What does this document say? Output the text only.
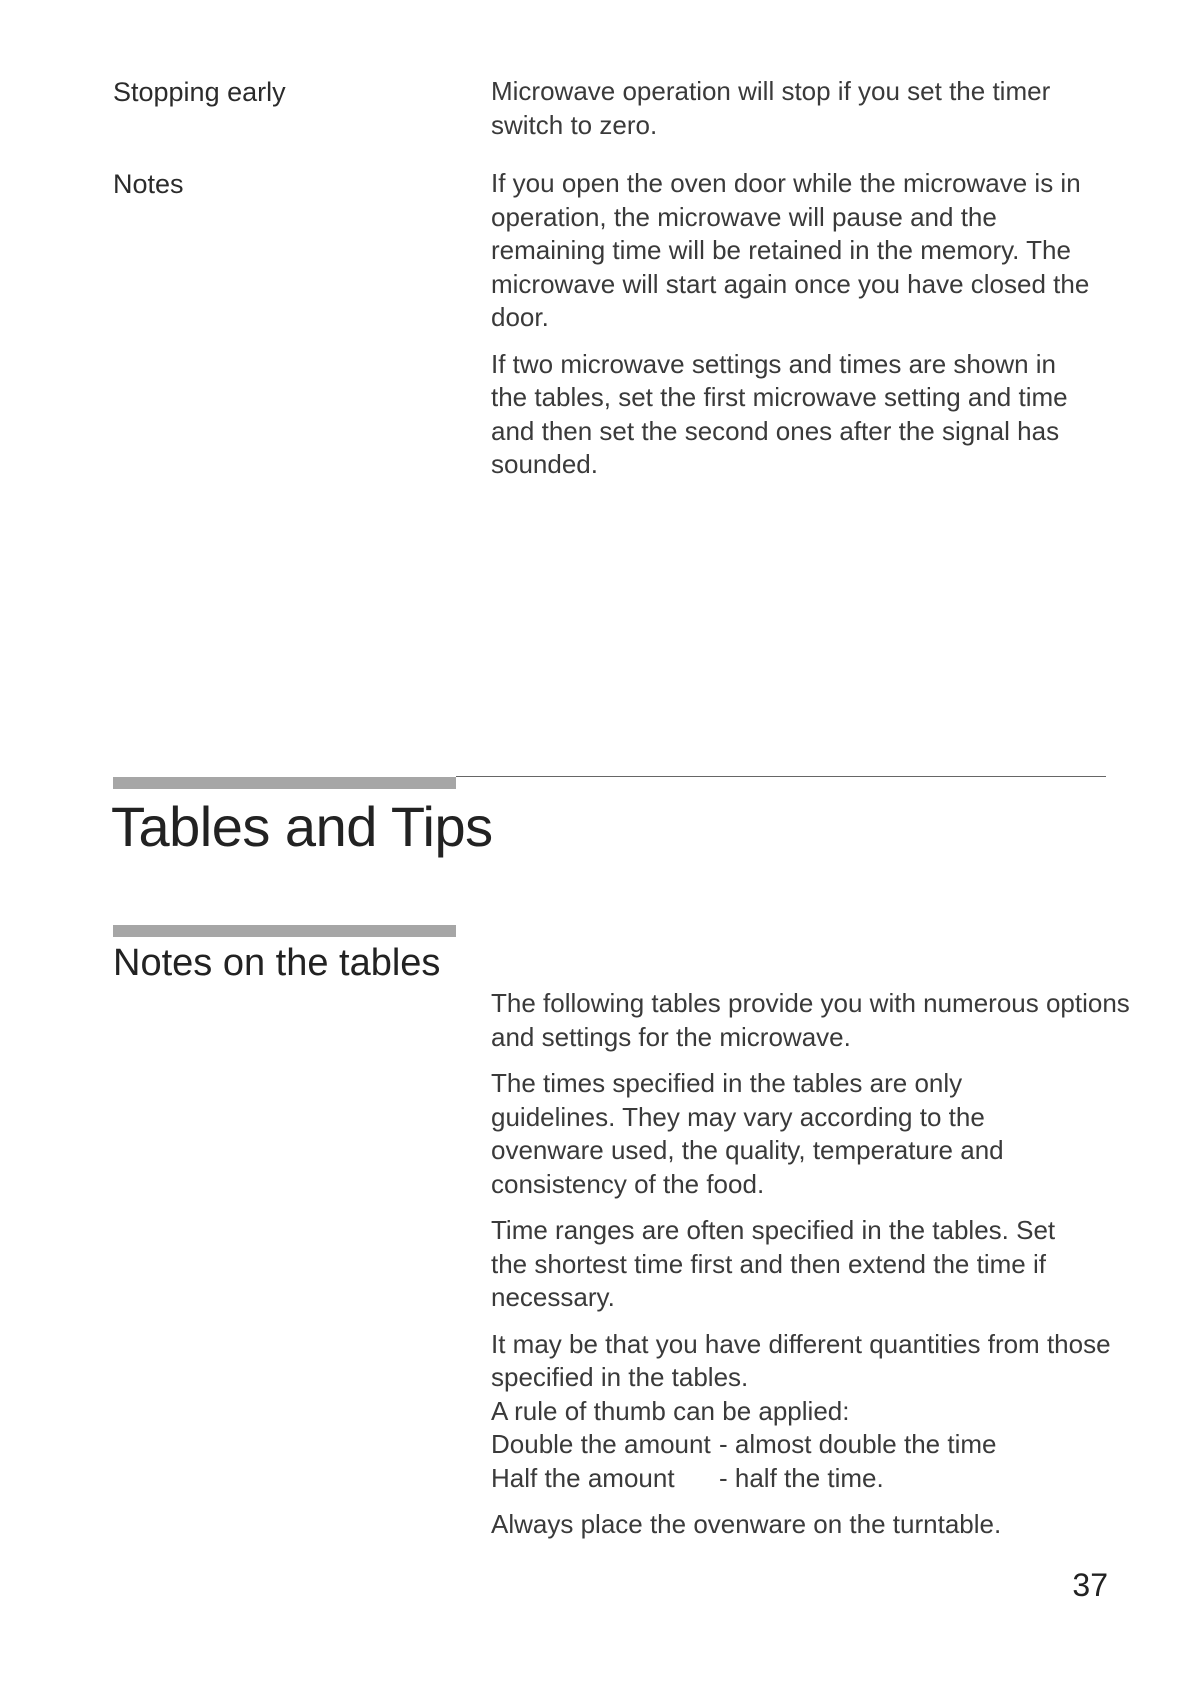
Stopping early	Microwave operation will stop if you set the timer switch to zero.

Notes	If you open the oven door while the microwave is in operation, the microwave will pause and the remaining time will be retained in the memory. The microwave will start again once you have closed the door.

If two microwave settings and times are shown in the tables, set the first microwave setting and time and then set the second ones after the signal has sounded.

Tables and Tips
Notes on the tables

The following tables provide you with numerous options and settings for the microwave.

The times specified in the tables are only guidelines. They may vary according to the ovenware used, the quality, temperature and consistency of the food.

Time ranges are often specified in the tables. Set the shortest time first and then extend the time if necessary.

It may be that you have different quantities from those specified in the tables.
A rule of thumb can be applied:
Double the amount - almost double the time
Half the amount	- half the time.

Always place the ovenware on the turntable.

37
